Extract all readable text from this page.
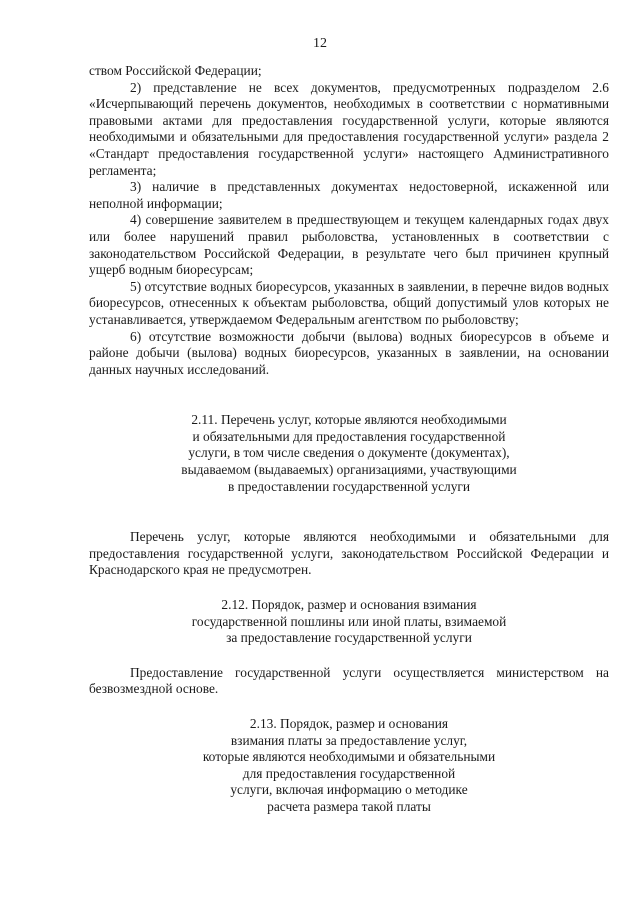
12

ством Российской Федерации;

2) представление не всех документов, предусмотренных подразделом 2.6 «Исчерпывающий перечень документов, необходимых в соответствии с нормативными правовыми актами для предоставления государственной услуги, которые являются необходимыми и обязательными для предоставления государственной услуги» раздела 2 «Стандарт предоставления государственной услуги» настоящего Административного регламента;

3) наличие в представленных документах недостоверной, искаженной или неполной информации;

4) совершение заявителем в предшествующем и текущем календарных годах двух или более нарушений правил рыболовства, установленных в соответствии с законодательством Российской Федерации, в результате чего был причинен крупный ущерб водным биоресурсам;

5) отсутствие водных биоресурсов, указанных в заявлении, в перечне видов водных биоресурсов, отнесенных к объектам рыболовства, общий допустимый улов которых не устанавливается, утверждаемом Федеральным агентством по рыболовству;

6) отсутствие возможности добычи (вылова) водных биоресурсов в объеме и районе добычи (вылова) водных биоресурсов, указанных в заявлении, на основании данных научных исследований.

2.11. Перечень услуг, которые являются необходимыми

и обязательными для предоставления государственной

услуги, в том числе сведения о документе (документах),

выдаваемом (выдаваемых) организациями, участвующими

в предоставлении государственной услуги

Перечень услуг, которые являются необходимыми и обязательными для предоставления государственной услуги, законодательством Российской Федерации и Краснодарского края не предусмотрен.

2.12. Порядок, размер и основания взимания

государственной пошлины или иной платы, взимаемой

за предоставление государственной услуги

Предоставление государственной услуги осуществляется министерством на безвозмездной основе.

2.13. Порядок, размер и основания

взимания платы за предоставление услуг,

которые являются необходимыми и обязательными

для предоставления государственной

услуги, включая информацию о методике

расчета размера такой платы
